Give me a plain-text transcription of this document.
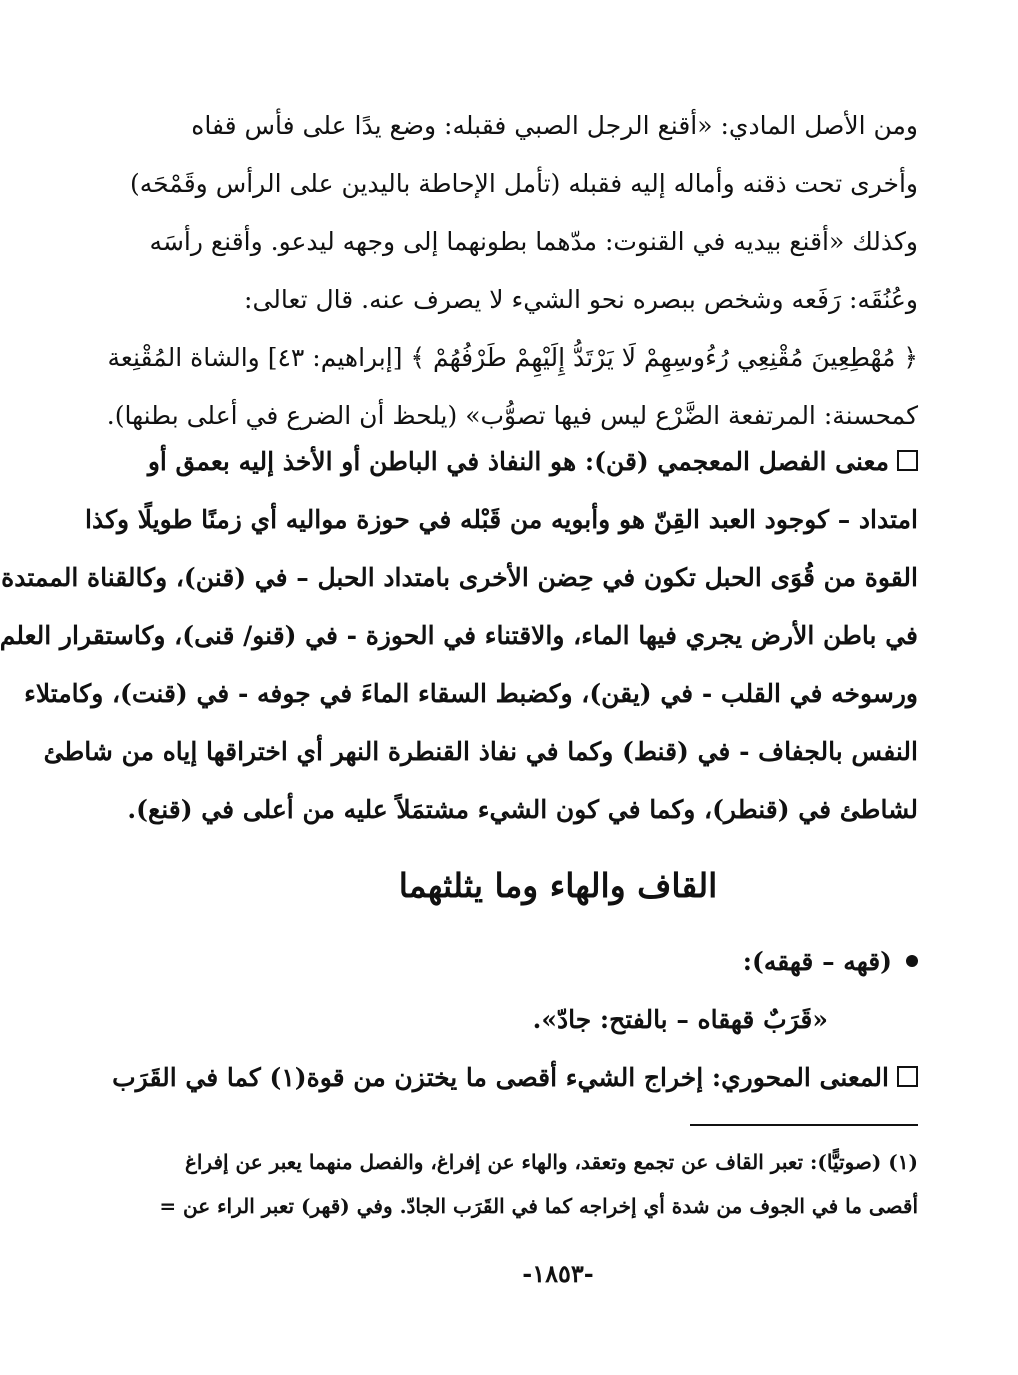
ومن الأصل المادي: «أقنع الرجل الصبي فقبله: وضع يدًا على فأس قفاه
وأخرى تحت ذقنه وأماله إليه فقبله (تأمل الإحاطة باليدين على الرأس وقَمْحَه)
وكذلك «أقنع بيديه في القنوت: مدّهما بطونهما إلى وجهه ليدعو. وأقنع رأسَه
وعُنُقَه: رَفَعه وشخص ببصره نحو الشيء لا يصرف عنه. قال تعالى:
﴿ مُهْطِعِينَ مُقْنِعِي رُءُوسِهِمْ لَا يَرْتَدُّ إِلَيْهِمْ طَرْفُهُمْ ﴾ [إبراهيم: ٤٣] والشاة المُقْنِعة
كمحسنة: المرتفعة الضَّرْع ليس فيها تصوُّب» (يلحظ أن الضرع في أعلى بطنها).
معنى الفصل المعجمي (قن): هو النفاذ في الباطن أو الأخذ إليه بعمق أو
امتداد – كوجود العبد القِنّ هو وأبويه من قَبْله في حوزة مواليه أي زمنًا طويلًا وكذا
القوة من قُوَى الحبل تكون في حِضن الأخرى بامتداد الحبل – في (قنن)، وكالقناة الممتدة
في باطن الأرض يجري فيها الماء، والاقتناء في الحوزة - في (قنو/ قنى)، وكاستقرار العلم
ورسوخه في القلب - في (يقن)، وكضبط السقاء الماءَ في جوفه - في (قنت)، وكامتلاء
النفس بالجفاف - في (قنط) وكما في نفاذ القنطرة النهر أي اختراقها إياه من شاطئ
لشاطئ في (قنطر)، وكما في كون الشيء مشتمَلاً عليه من أعلى في (قنع).
القاف والهاء وما يثلثهما
(قهه – قهقه):
«قَرَبٌ قهقاه – بالفتح: جادّ».
المعنى المحوري: إخراج الشيء أقصى ما يختزن من قوة(١) كما في القَرَب
(١) (صوتيًّا): تعبر القاف عن تجمع وتعقد، والهاء عن إفراغ، والفصل منهما يعبر عن إفراغ
أقصى ما في الجوف من شدة أي إخراجه كما في القَرَب الجادّ. وفي (قهر) تعبر الراء عن =
-١٨٥٣-
